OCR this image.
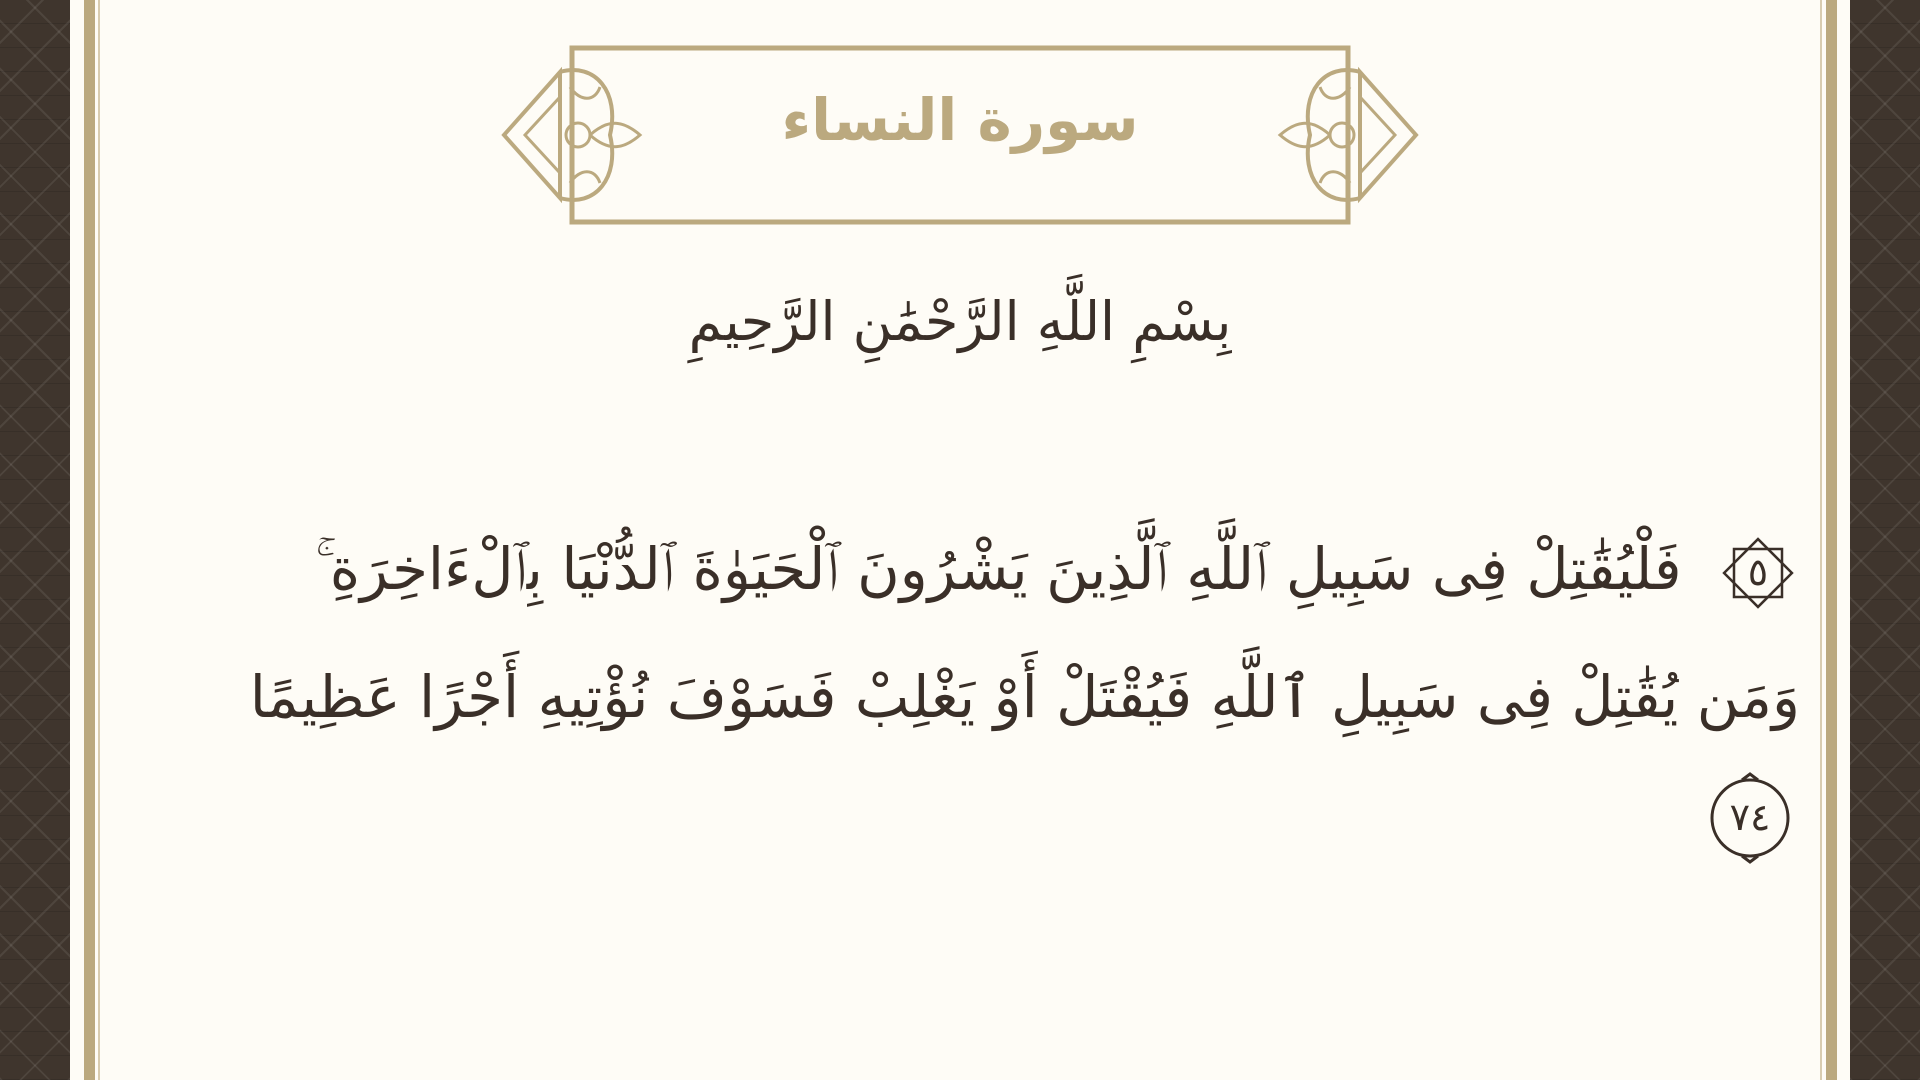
سورة النساء
بِسْمِ اللَّهِ الرَّحْمَٰنِ الرَّحِيمِ
٥
فَلْيُقَٰتِلْ فِى سَبِيلِ ٱللَّهِ ٱلَّذِينَ يَشْرُونَ ٱلْحَيَوٰةَ ٱلدُّنْيَا بِٱلْءَاخِرَةِ ۚ
وَمَن يُقَٰتِلْ فِى سَبِيلِ ٱللَّهِ فَيُقْتَلْ أَوْ يَغْلِبْ فَسَوْفَ نُؤْتِيهِ أَجْرًا عَظِيمًا
٧٤
